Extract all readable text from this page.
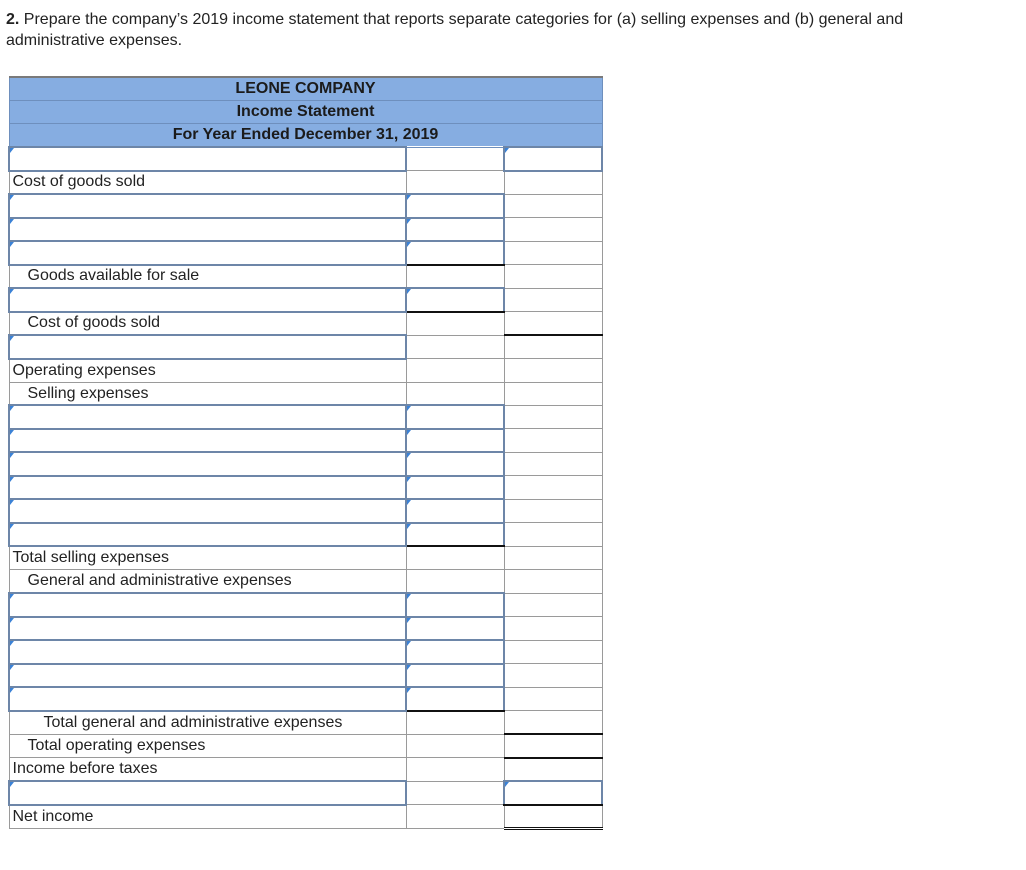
2. Prepare the company’s 2019 income statement that reports separate categories for (a) selling expenses and (b) general and administrative expenses.
LEONE COMPANY		
Income Statement		
For Year Ended December 31, 2019		

Cost of goods sold		

Goods available for sale		

Cost of goods sold		

Operating expenses		
Selling expenses		

Total selling expenses		
General and administrative expenses		

Total general and administrative expenses		
Total operating expenses		
Income before taxes		

Net income		
